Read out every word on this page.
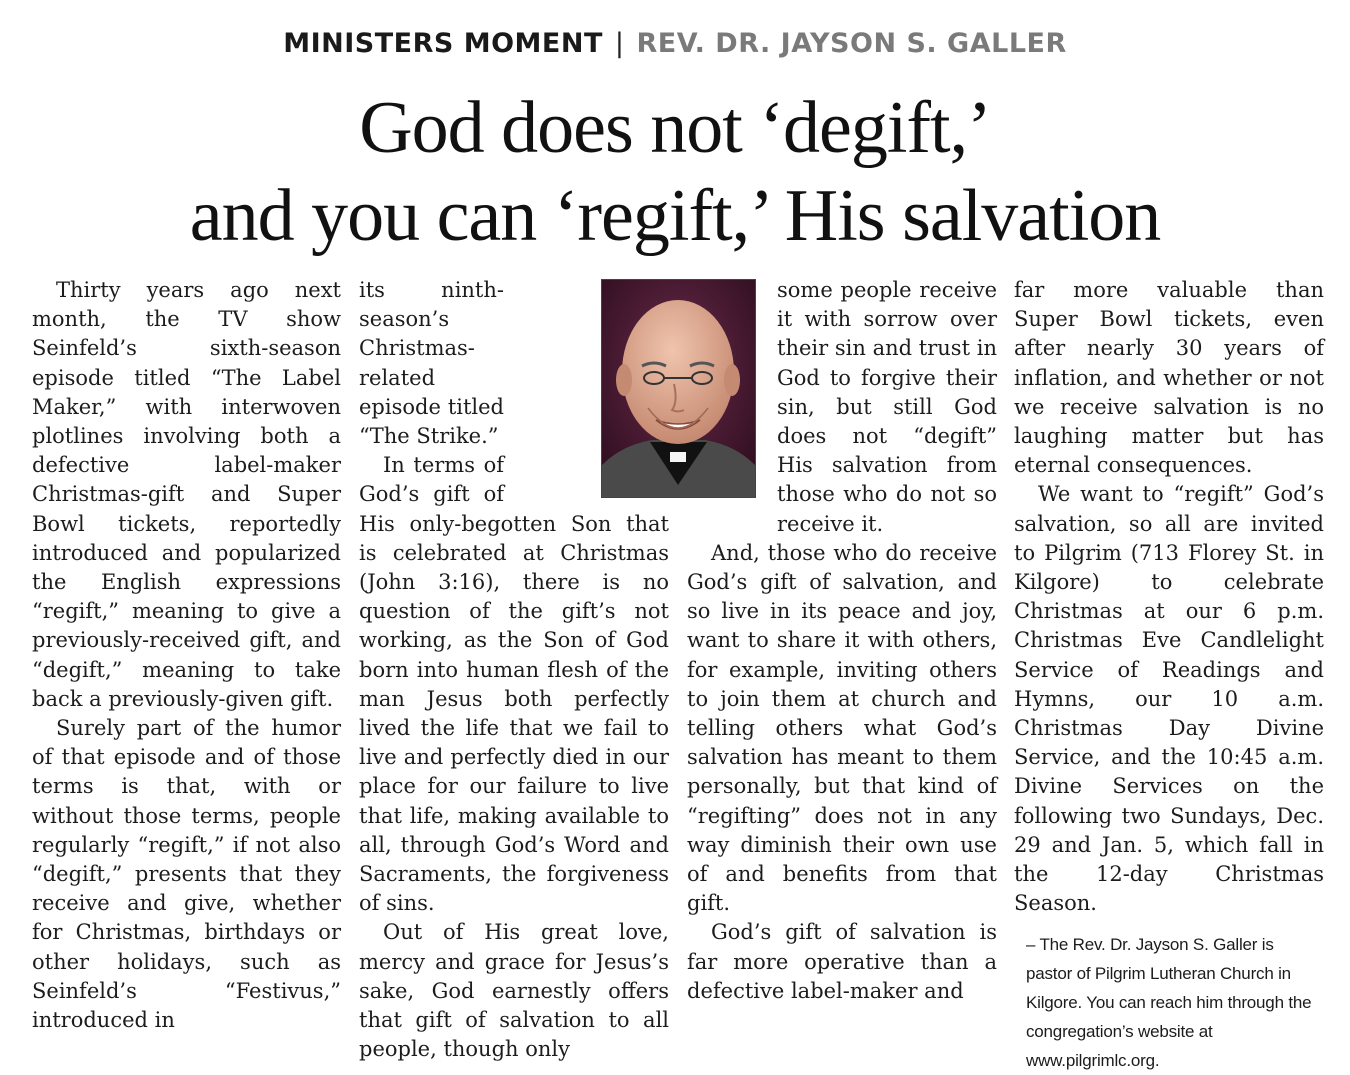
MINISTERS MOMENT | REV. DR. JAYSON S. GALLER
God does not ‘degift,’
and you can ‘regift,’ His salvation

Thirty years ago next month, the TV show Seinfeld’s sixth-season episode titled “The Label Maker,” with interwoven plotlines involving both a defective label-maker Christmas-gift and Super Bowl tickets, reportedly introduced and popularized the English expressions “regift,” meaning to give a previously-received gift, and “degift,” meaning to take back a previously-given gift.

Surely part of the humor of that episode and of those terms is that, with or without those terms, people regularly “regift,” if not also “degift,” presents that they receive and give, whether for Christmas, birthdays or other holidays, such as Seinfeld’s “Festivus,” introduced in

its ninth-season’s Christmas-related episode titled “The Strike.”

In terms of God’s gift of His only-begotten Son that is celebrated at Christmas (John 3:16), there is no question of the gift’s not working, as the Son of God born into human flesh of the man Jesus both perfectly lived the life that we fail to live and perfectly died in our place for our failure to live that life, making available to all, through God’s Word and Sacraments, the forgiveness of sins.

Out of His great love, mercy and grace for Jesus’s sake, God earnestly offers that gift of salvation to all people, though only

some people receive it with sorrow over their sin and trust in God to forgive their sin, but still God does not “degift” His salvation from those who do not so receive it.

And, those who do receive God’s gift of salvation, and so live in its peace and joy, want to share it with others, for example, inviting others to join them at church and telling others what God’s salvation has meant to them personally, but that kind of “regifting” does not in any way diminish their own use of and benefits from that gift.

God’s gift of salvation is far more operative than a defective label-maker and

far more valuable than Super Bowl tickets, even after nearly 30 years of inflation, and whether or not we receive salvation is no laughing matter but has eternal consequences.

We want to “regift” God’s salvation, so all are invited to Pilgrim (713 Florey St. in Kilgore) to celebrate Christmas at our 6 p.m. Christmas Eve Candlelight Service of Readings and Hymns, our 10 a.m. Christmas Day Divine Service, and the 10:45 a.m. Divine Services on the following two Sundays, Dec. 29 and Jan. 5, which fall in the 12-day Christmas Season.

– The Rev. Dr. Jayson S. Galler is pastor of Pilgrim Lutheran Church in Kilgore. You can reach him through the congregation’s website at www.pilgrimlc.org.
